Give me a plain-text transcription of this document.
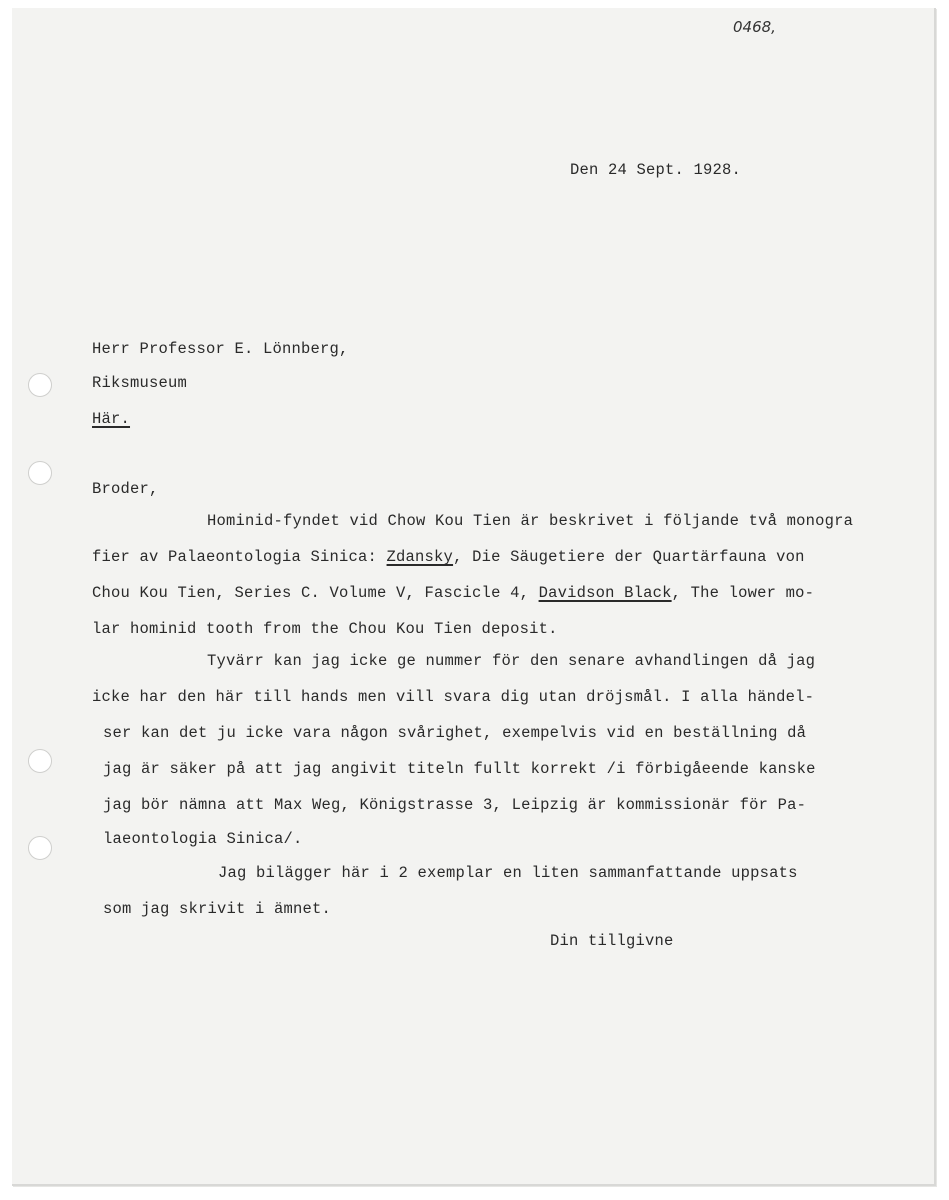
0468,
Den 24 Sept. 1928.
Herr Professor E. Lönnberg,
Riksmuseum
Här.
Broder,
Hominid-fyndet vid Chow Kou Tien är beskrivet i följande två monogra
fier av Palaeontologia Sinica: Zdansky, Die Säugetiere der Quartärfauna von
Chou Kou Tien, Series C. Volume V, Fascicle 4, Davidson Black, The lower mo-
lar hominid tooth from the Chou Kou Tien deposit.
Tyvärr kan jag icke ge nummer för den senare avhandlingen då jag
icke har den här till hands men vill svara dig utan dröjsmål. I alla händel-
ser kan det ju icke vara någon svårighet, exempelvis vid en beställning då
jag är säker på att jag angivit titeln fullt korrekt /i förbigåeende kanske
jag bör nämna att Max Weg, Königstrasse 3, Leipzig är kommissionär för Pa-
laeontologia Sinica/.
Jag bilägger här i 2 exemplar en liten sammanfattande uppsats
som jag skrivit i ämnet.
Din tillgivne
